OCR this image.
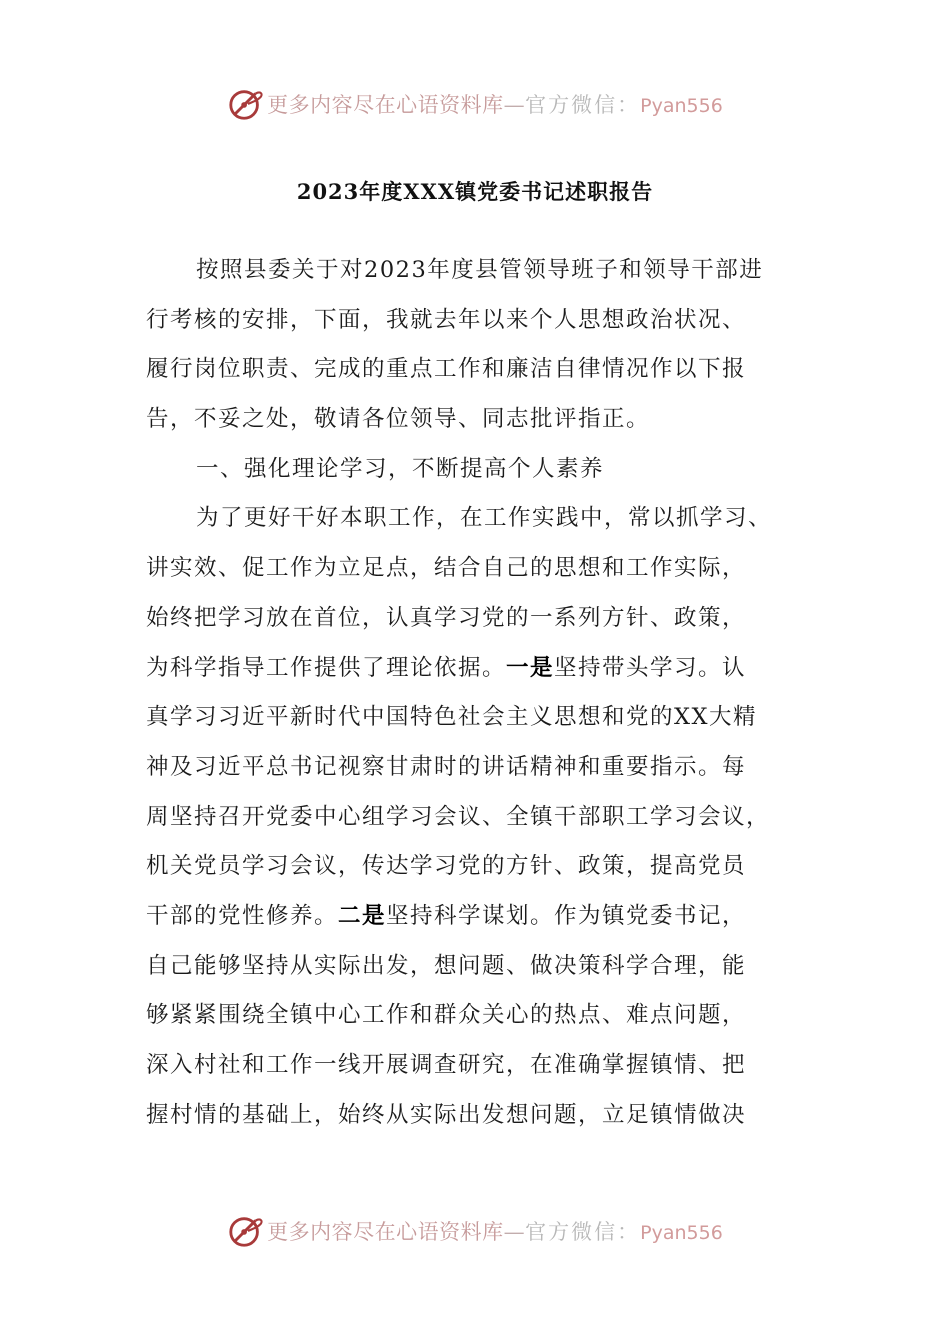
更多内容尽在心语资料库—官方微信：Pyan556
2023年度XXX镇党委书记述职报告
按照县委关于对2023年度县管领导班子和领导干部进
行考核的安排，下面，我就去年以来个人思想政治状况、
履行岗位职责、完成的重点工作和廉洁自律情况作以下报
告，不妥之处，敬请各位领导、同志批评指正。
一、强化理论学习，不断提高个人素养
为了更好干好本职工作，在工作实践中，常以抓学习、
讲实效、促工作为立足点，结合自己的思想和工作实际，
始终把学习放在首位，认真学习党的一系列方针、政策，
为科学指导工作提供了理论依据。一是坚持带头学习。认
真学习习近平新时代中国特色社会主义思想和党的XX大精
神及习近平总书记视察甘肃时的讲话精神和重要指示。每
周坚持召开党委中心组学习会议、全镇干部职工学习会议，
机关党员学习会议，传达学习党的方针、政策，提高党员
干部的党性修养。二是坚持科学谋划。作为镇党委书记，
自己能够坚持从实际出发，想问题、做决策科学合理，能
够紧紧围绕全镇中心工作和群众关心的热点、难点问题，
深入村社和工作一线开展调查研究，在准确掌握镇情、把
握村情的基础上，始终从实际出发想问题，立足镇情做决
更多内容尽在心语资料库—官方微信：Pyan556
